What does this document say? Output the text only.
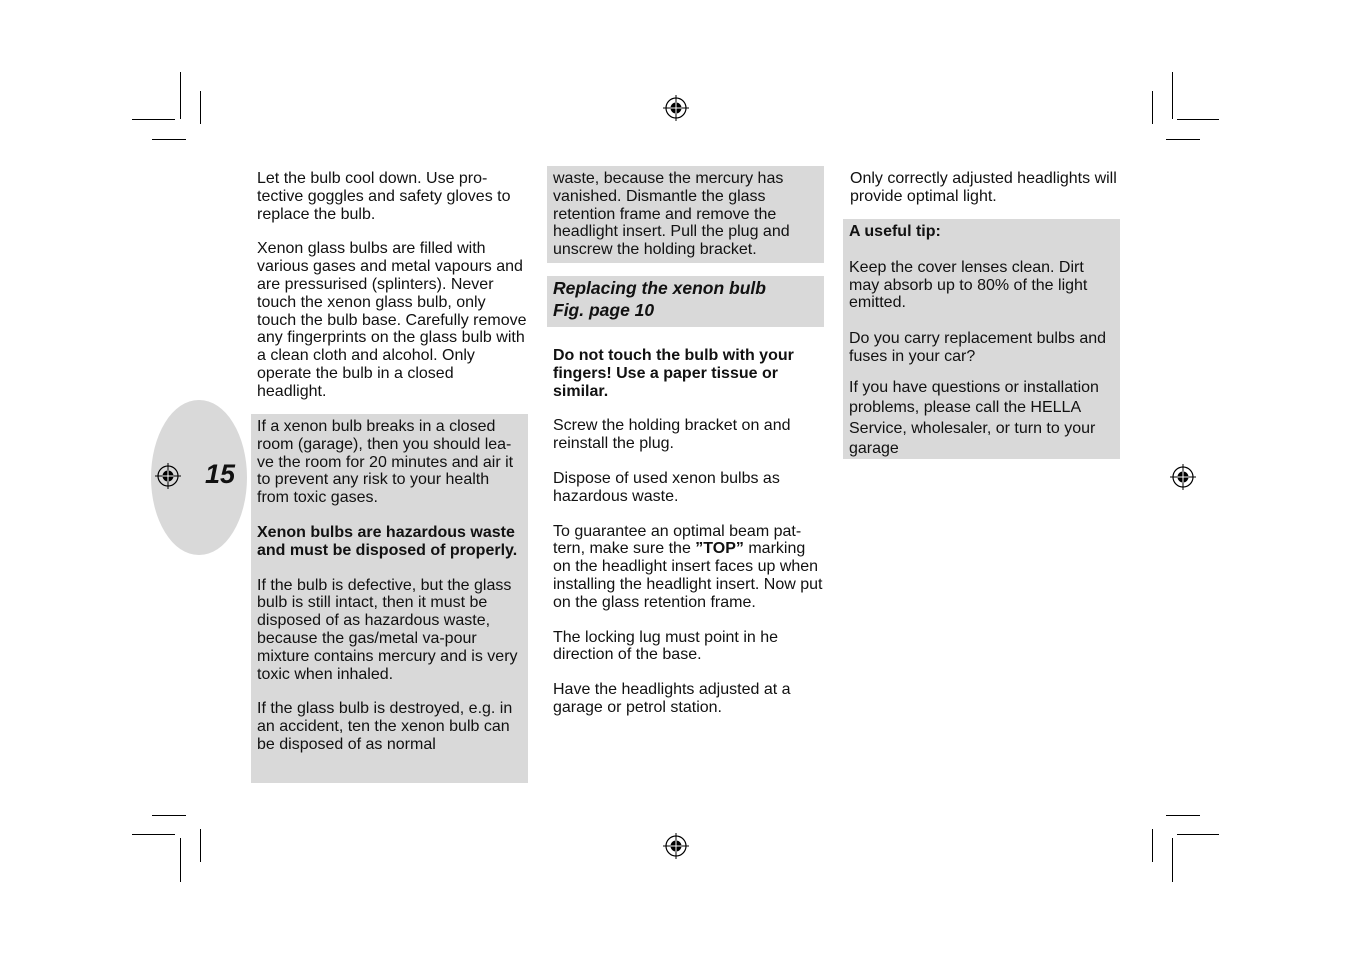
15

Let the bulb cool down. Use pro-tective goggles and safety gloves to replace the bulb.

Xenon glass bulbs are filled with various gases and metal vapours and are pressurised (splinters). Never touch the xenon glass bulb, only touch the bulb base. Carefully remove any fingerprints on the glass bulb with a clean cloth and alcohol. Only operate the bulb in a closed headlight.

If a xenon bulb breaks in a closed room (garage), then you should lea-ve the room for 20 minutes and air it to prevent any risk to your health from toxic gases.

Xenon bulbs are hazardous waste and must be disposed of properly.

If the bulb is defective, but the glass bulb is still intact, then it must be disposed of as hazardous waste, because the gas/metal va-pour mixture contains mercury and is very toxic when inhaled.

If the glass bulb is destroyed, e.g. in an accident, ten the xenon bulb can be disposed of as normal

waste, because the mercury has vanished. Dismantle the glass retention frame and remove the headlight insert. Pull the plug and unscrew the holding bracket.

Replacing the xenon bulb

Fig. page 10

Do not touch the bulb with your fingers! Use a paper tissue or similar.

Screw the holding bracket on and reinstall the plug.

Dispose of used xenon bulbs as hazardous waste.

To guarantee an optimal beam pat-tern, make sure the ”TOP” marking on the headlight insert faces up when installing the headlight insert. Now put on the glass retention frame.

The locking lug must point in he direction of the base.

Have the headlights adjusted at a garage or petrol station.

Only correctly adjusted headlights will provide optimal light.

A useful tip:

Keep the cover lenses clean. Dirt may absorb up to 80% of the light emitted.

Do you carry replacement bulbs and fuses in your car?

If you have questions or installation problems, please call the HELLA Service, wholesaler, or turn to your garage
